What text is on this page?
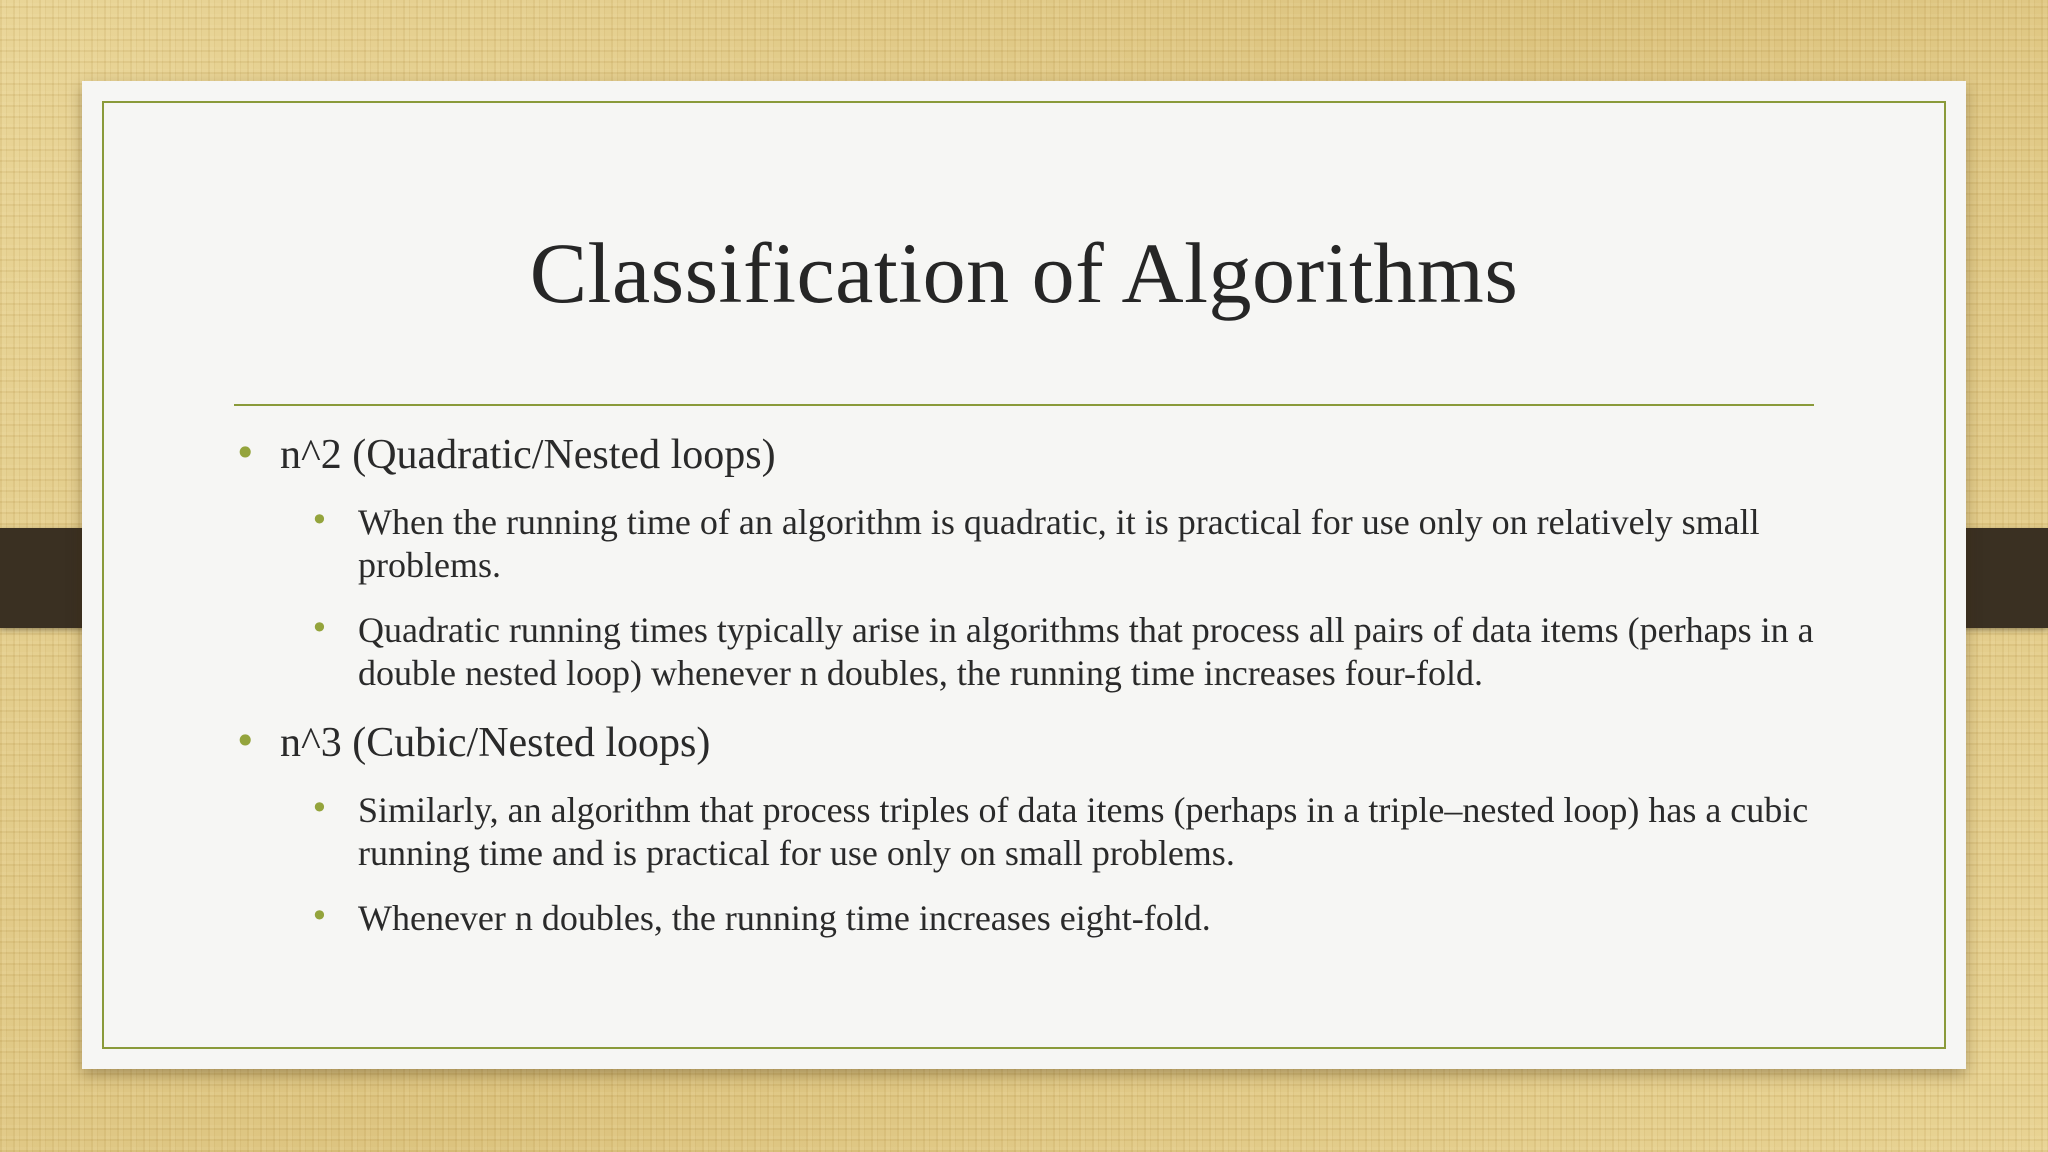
Classification of Algorithms
• n^2 (Quadratic/Nested loops)
• When the running time of an algorithm is quadratic, it is practical for use only on relatively small problems.
• Quadratic running times typically arise in algorithms that process all pairs of data items (perhaps in a double nested loop) whenever n doubles, the running time increases four-fold.
• n^3 (Cubic/Nested loops)
• Similarly, an algorithm that process triples of data items (perhaps in a triple–nested loop) has a cubic running time and is practical for use only on small problems.
• Whenever n doubles, the running time increases eight-fold.
